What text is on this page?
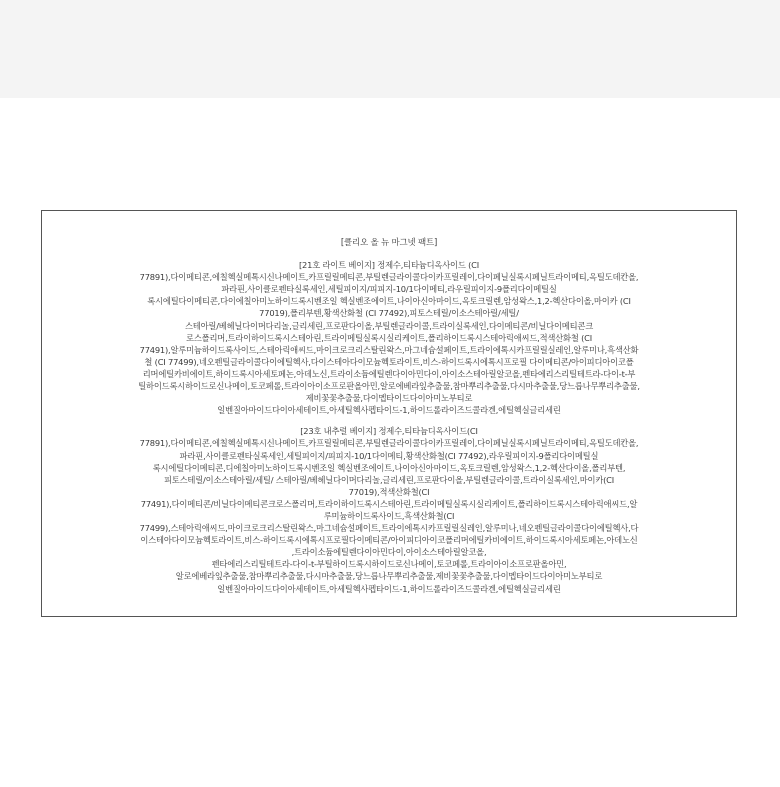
[클리오 올 뉴 마그넷 팩트]

[21호 라이트 베이지] 정제수,티타늄디옥사이드 (CI

77891),다이메티콘,에칠헥실메톡시신나메이트,카프릴릴메티콘,부틸렌글라이콜다이카프릴레이,다이페닐실록시페닐트라이메티,옥틸도데칸올,

파라핀,사이클로펜타실록세인,세틸피이지/피피지-10/1다이메티,라우릴피이지-9폴리다이메틸실

록시에틸다이메티콘,다이에칠아미노하이드록시벤조일 헥실벤조에이트,나이아신아마이드,옥토크릴렌,암성왁스,1,2-헥산다이올,마이카 (CI

77019),폴리부텐,황색산화철 (CI 77492),피토스테릴/이소스테아릴/세틸/

스테아릴/베헤닐다이머다리놀,글리세린,프로판다이올,부틸렌글라이콜,트라이실록세인,다이메티콘/비닐다이메티콘크

로스폴리머,트라이하이드록시스테아린,트라이메틸실록시실리케이트,폴리하이드록시스테아릭애씨드,적색산화철 (CI

77491),알루미늄하이드록사이드,스테아릭애씨드,마이크로크리스탈린왁스,마그네슘설페이트,트라이에톡시카프릴릴실레인,알루미나,흑색산화

철 (CI 77499),네오펜틸글라이콜다이에틸헥사,다이스테아다이모늄헥토라이트,비스-하이드록시에톡시프로필 다이메티콘/아이피디아이코폴

리머에틸카비에이트,하이드록시아세토페논,아데노신,트라이소듐에틸렌다이아민다이,아이소스테아릴알코올,펜타에리스리틸테트라-다이-t-부

틸하이드록시하이드로신나메이,토코페롤,트라이아이소프로판올아민,알로에베라잎추출물,참마뿌리추출물,다시마추출물,당느릅나무뿌리추출물,

제비꽃꽃추출물,다이멥타이드다이아미노부티로

일벤질아마이드다이아세테이트,아세틸헥사펩타이드-1,하이드롤라이즈드콜라겐,에틸헥실글리세린

[23호 내추럴 베이지] 정제수,티타늄디옥사이드(CI

77891),다이메티콘,에칠헥실메톡시신나메이트,카프릴릴메티콘,부틸렌글라이콜다이카프릴레이,다이페닐실록시페닐트라이메티,옥틸도데칸올,

파라핀,사이클로펜타실록세인,세틸피이지/피피지-10/1다이메티,황색산화철(CI 77492),라우릴피이지-9폴리다이메틸실

록시에틸다이메티콘,디에칠아미노하이드록시벤조일 헥실벤조에이트,나이아신아마이드,옥토크릴렌,암성왁스,1,2-헥산다이올,폴리부텐,

피토스테릴/이소스테아릴/세틸/ 스테아릴/베헤닐다이머다리놀,글리세린,프로판다이올,부틸렌글라이콜,트라이실록세인,마이카(CI

77019),적색산화철(CI

77491),다이메티콘/비닐다이메티콘크로스폴리머,트라이하이드록시스테아린,트라이메틸실록시실리케이트,폴리하이드록시스테아릭애씨드,알

루미늄하이드록사이드,흑색산화철(CI

77499),스테아릭애씨드,마이크로크리스탈린왁스,마그네슘설페이트,트라이에톡시카프릴릴실레인,알루미나,네오펜틸글라이콜다이에틸헥사,다

이스테아다이모늄헥토라이트,비스-하이드록시에톡시프로필다이메티콘/아이피디아이코폴리머에틸카비에이트,하이드록시아세토페논,아데노신

,트라이소듐에틸렌다이아민다이,아이소스테아릴알코올,

펜타에리스리틸테트라-다이-t-부틸하이드록시하이드로신나메이,토코페롤,트라이아이소프로판올아민,

알로에베라잎추출물,참마뿌리추출물,다시마추출물,당느릅나무뿌리추출물,제비꽃꽃추출물,다이멥타이드다이아미노부티로

일벤질아마이드다이아세테이트,아세틸헥사펩타이드-1,하이드롤라이즈드콜라겐,에틸헥실글리세린
